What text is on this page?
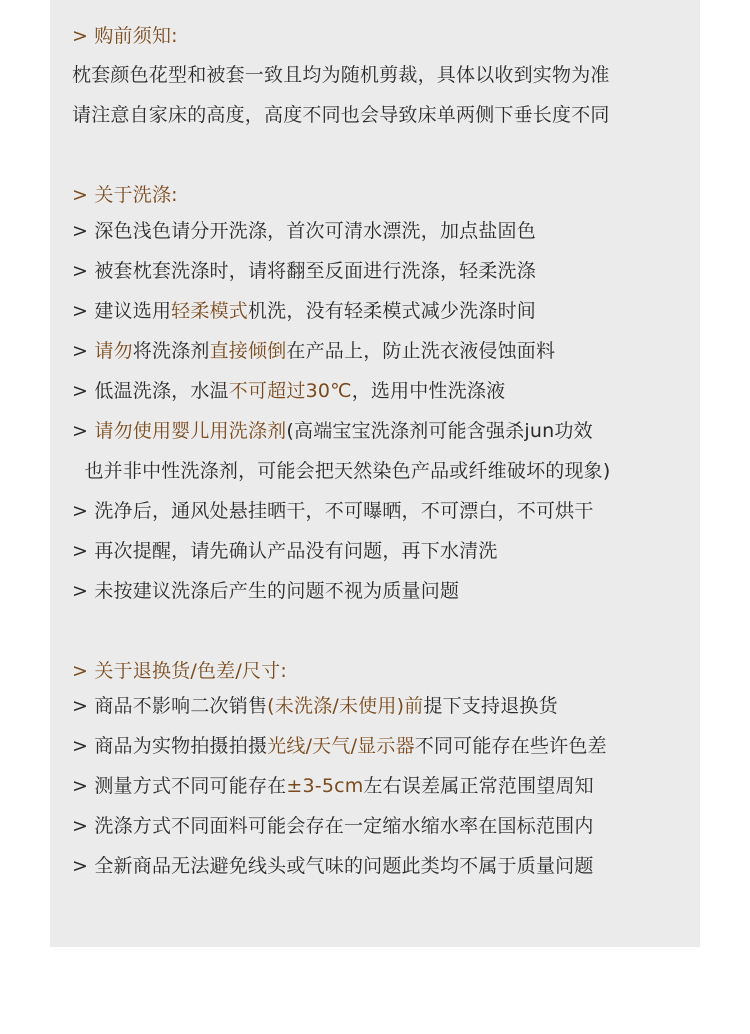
> 购前须知:
枕套颜色花型和被套一致且均为随机剪裁，具体以收到实物为准
请注意自家床的高度，高度不同也会导致床单两侧下垂长度不同
> 关于洗涤:
> 深色浅色请分开洗涤，首次可清水漂洗，加点盐固色
> 被套枕套洗涤时，请将翻至反面进行洗涤，轻柔洗涤
> 建议选用轻柔模式机洗，没有轻柔模式减少洗涤时间
> 请勿将洗涤剂直接倾倒在产品上，防止洗衣液侵蚀面料
> 低温洗涤，水温不可超过30℃，选用中性洗涤液
> 请勿使用婴儿用洗涤剂(高端宝宝洗涤剂可能含强杀jun功效
也并非中性洗涤剂，可能会把天然染色产品或纤维破坏的现象)
> 洗净后，通风处悬挂晒干，不可曝晒，不可漂白，不可烘干
> 再次提醒，请先确认产品没有问题，再下水清洗
> 未按建议洗涤后产生的问题不视为质量问题
> 关于退换货/色差/尺寸:
> 商品不影响二次销售(未洗涤/未使用)前提下支持退换货
> 商品为实物拍摄拍摄光线/天气/显示器不同可能存在些许色差
> 测量方式不同可能存在±3-5cm左右误差属正常范围望周知
> 洗涤方式不同面料可能会存在一定缩水缩水率在国标范围内
> 全新商品无法避免线头或气味的问题此类均不属于质量问题
